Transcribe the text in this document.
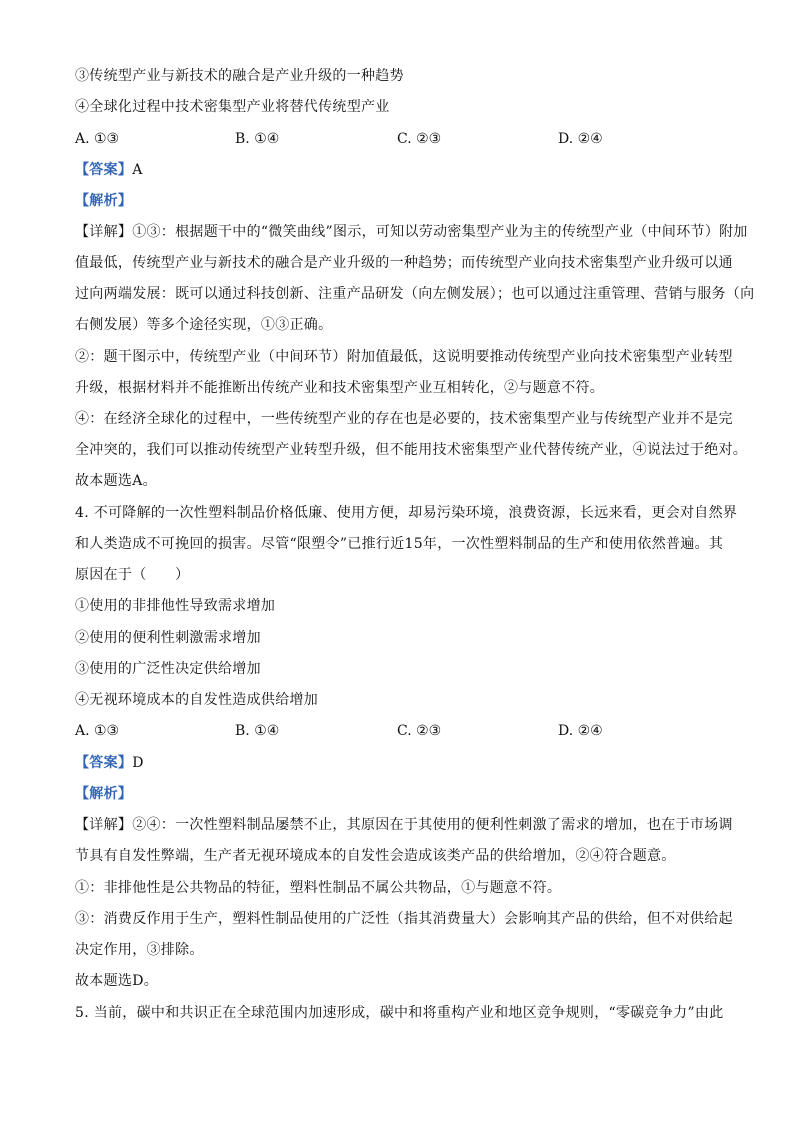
③传统型产业与新技术的融合是产业升级的一种趋势
④全球化过程中技术密集型产业将替代传统型产业
A. ①③	B. ①④	C. ②③	D. ②④
【答案】A
【解析】
【详解】①③：根据题干中的“微笑曲线”图示，可知以劳动密集型产业为主的传统型产业（中间环节）附加
值最低，传统型产业与新技术的融合是产业升级的一种趋势；而传统型产业向技术密集型产业升级可以通
过向两端发展：既可以通过科技创新、注重产品研发（向左侧发展）；也可以通过注重管理、营销与服务（向
右侧发展）等多个途径实现，①③正确。
②：题干图示中，传统型产业（中间环节）附加值最低，这说明要推动传统型产业向技术密集型产业转型
升级，根据材料并不能推断出传统产业和技术密集型产业互相转化，②与题意不符。
④：在经济全球化的过程中，一些传统型产业的存在也是必要的，技术密集型产业与传统型产业并不是完
全冲突的，我们可以推动传统型产业转型升级，但不能用技术密集型产业代替传统产业，④说法过于绝对。
故本题选A。
4. 不可降解的一次性塑料制品价格低廉、使用方便，却易污染环境，浪费资源，长远来看，更会对自然界
和人类造成不可挽回的损害。尽管“限塑令”已推行近15年，一次性塑料制品的生产和使用依然普遍。其
原因在于（　　）
①使用的非排他性导致需求增加
②使用的便利性刺激需求增加
③使用的广泛性决定供给增加
④无视环境成本的自发性造成供给增加
A. ①③	B. ①④	C. ②③	D. ②④
【答案】D
【解析】
【详解】②④：一次性塑料制品屡禁不止，其原因在于其使用的便利性刺激了需求的增加，也在于市场调
节具有自发性弊端，生产者无视环境成本的自发性会造成该类产品的供给增加，②④符合题意。
①：非排他性是公共物品的特征，塑料性制品不属公共物品，①与题意不符。
③：消费反作用于生产，塑料性制品使用的广泛性（指其消费量大）会影响其产品的供给，但不对供给起
决定作用，③排除。
故本题选D。
5. 当前，碳中和共识正在全球范围内加速形成，碳中和将重构产业和地区竞争规则，“零碳竞争力”由此
